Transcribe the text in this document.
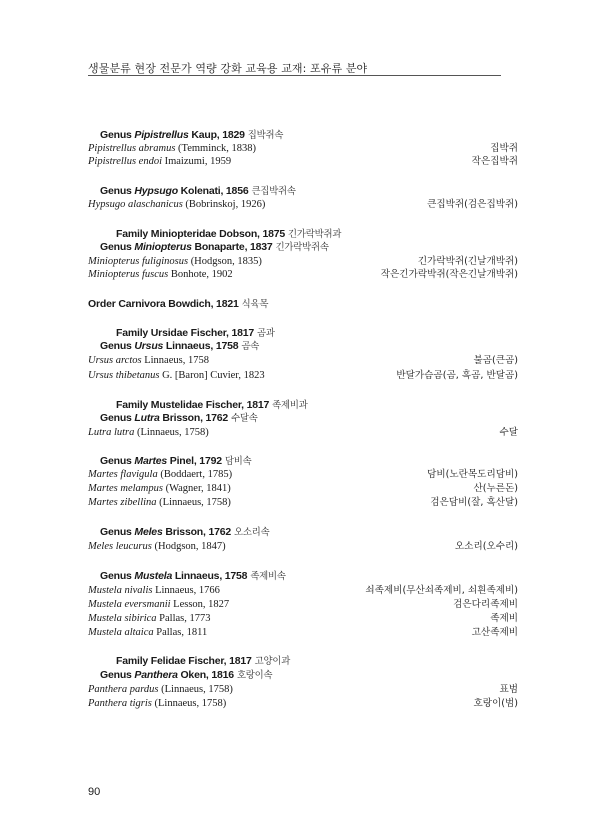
생물분류 현장 전문가 역량 강화 교육용 교재: 포유류 분야
Genus Pipistrellus Kaup, 1829 집박쥐속
Pipistrellus abramus (Temminck, 1838)	집박쥐
Pipistrellus endoi Imaizumi, 1959	작은집박쥐
Genus Hypsugo Kolenati, 1856 큰집박쥐속
Hypsugo alaschanicus (Bobrinskoj, 1926)	큰집박쥐(검은집박쥐)
Family Miniopteridae Dobson, 1875 긴가락박쥐과
Genus Miniopterus Bonaparte, 1837 긴가락박쥐속
Miniopterus fuliginosus (Hodgson, 1835)	긴가락박쥐(긴날개박쥐)
Miniopterus fuscus Bonhote, 1902	작은긴가락박쥐(작은긴날개박쥐)
Order Carnivora Bowdich, 1821 식육목
Family Ursidae Fischer, 1817 곰과
Genus Ursus Linnaeus, 1758 곰속
Ursus arctos Linnaeus, 1758	불곰(큰곰)
Ursus thibetanus G. [Baron] Cuvier, 1823	반달가슴곰(곰, 흑곰, 반달곰)
Family Mustelidae Fischer, 1817 족제비과
Genus Lutra Brisson, 1762 수달속
Lutra lutra (Linnaeus, 1758)	수달
Genus Martes Pinel, 1792 담비속
Martes flavigula (Boddaert, 1785)	담비(노란목도리담비)
Martes melampus (Wagner, 1841)	산(누른돈)
Martes zibellina (Linnaeus, 1758)	검은담비(잘, 흑산달)
Genus Meles Brisson, 1762 오소리속
Meles leucurus (Hodgson, 1847)	오소리(오수리)
Genus Mustela Linnaeus, 1758 족제비속
Mustela nivalis Linnaeus, 1766	쇠족제비(무산쇠족제비, 쇠흰족제비)
Mustela eversmanii Lesson, 1827	검은다리족제비
Mustela sibirica Pallas, 1773	족제비
Mustela altaica Pallas, 1811	고산족제비
Family Felidae Fischer, 1817 고양이과
Genus Panthera Oken, 1816 호랑이속
Panthera pardus (Linnaeus, 1758)	표범
Panthera tigris (Linnaeus, 1758)	호랑이(범)
90
